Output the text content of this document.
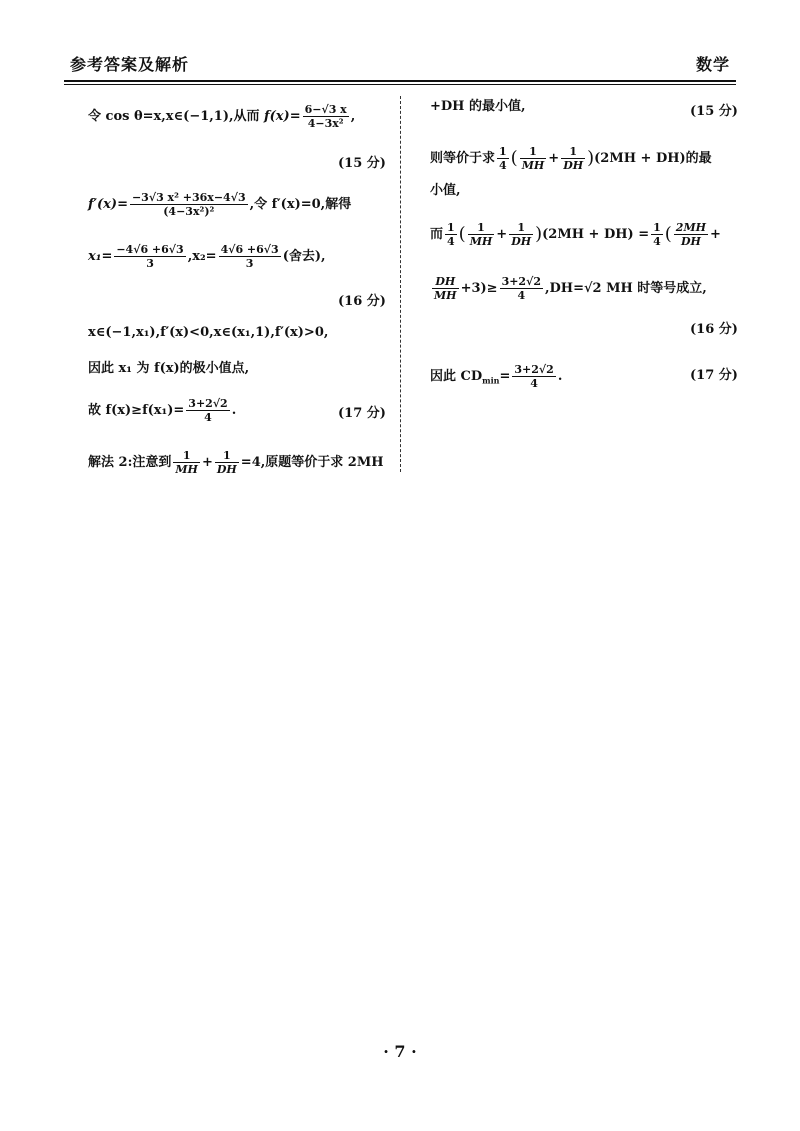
参考答案及解析	数学
令 cos θ=x,x∈(−1,1),从而 $f(x)= \frac{6-√3 x}{\text{4−3x²}}$ ,
(15 分)
$f'(x)= \frac{\text{−3√3 x² +36x−4√3}}{\text{(4−3x²)²}}$ ,令 f′(x)=0,解得
$x_1= \frac{-4√6 +6√3}{3} ,x_2= \frac{4√6 +6√3}{3}$ (舍去),
(16 分)
x∈(−1,x₁),f′(x)<0,x∈(x₁,1),f′(x)>0,
因此 x₁ 为 f(x)的极小值点,
故 $f(x)\ge f(x_1)= \frac{3+2√2}{4}$ .	(17 分)
解法 2:注意到 $\frac{1}{MH} + \frac{1}{DH} =4$,原题等价于求 2MH
+DH 的最小值,	(15 分)
则等价于求 $\frac{1}{4}$ ( $\frac{1}{MH} + \frac{1}{DH} )(2MH + DH)$的最
小值,
而 $\frac{1}{4}$ ( $\frac{1}{MH} + \frac{1}{DH} )(2MH + DH) = \frac{1}{4}$ ( $\frac{2MH}{DH}$ +
$\frac{DH}{MH} +3)\ge \frac{3+2√2}{4} ,DH=√2$ MH 时等号成立,
(16 分)
因此 $CD_{min}= \frac{3+2√2}{4}$ .	(17 分)
· 7 ·
